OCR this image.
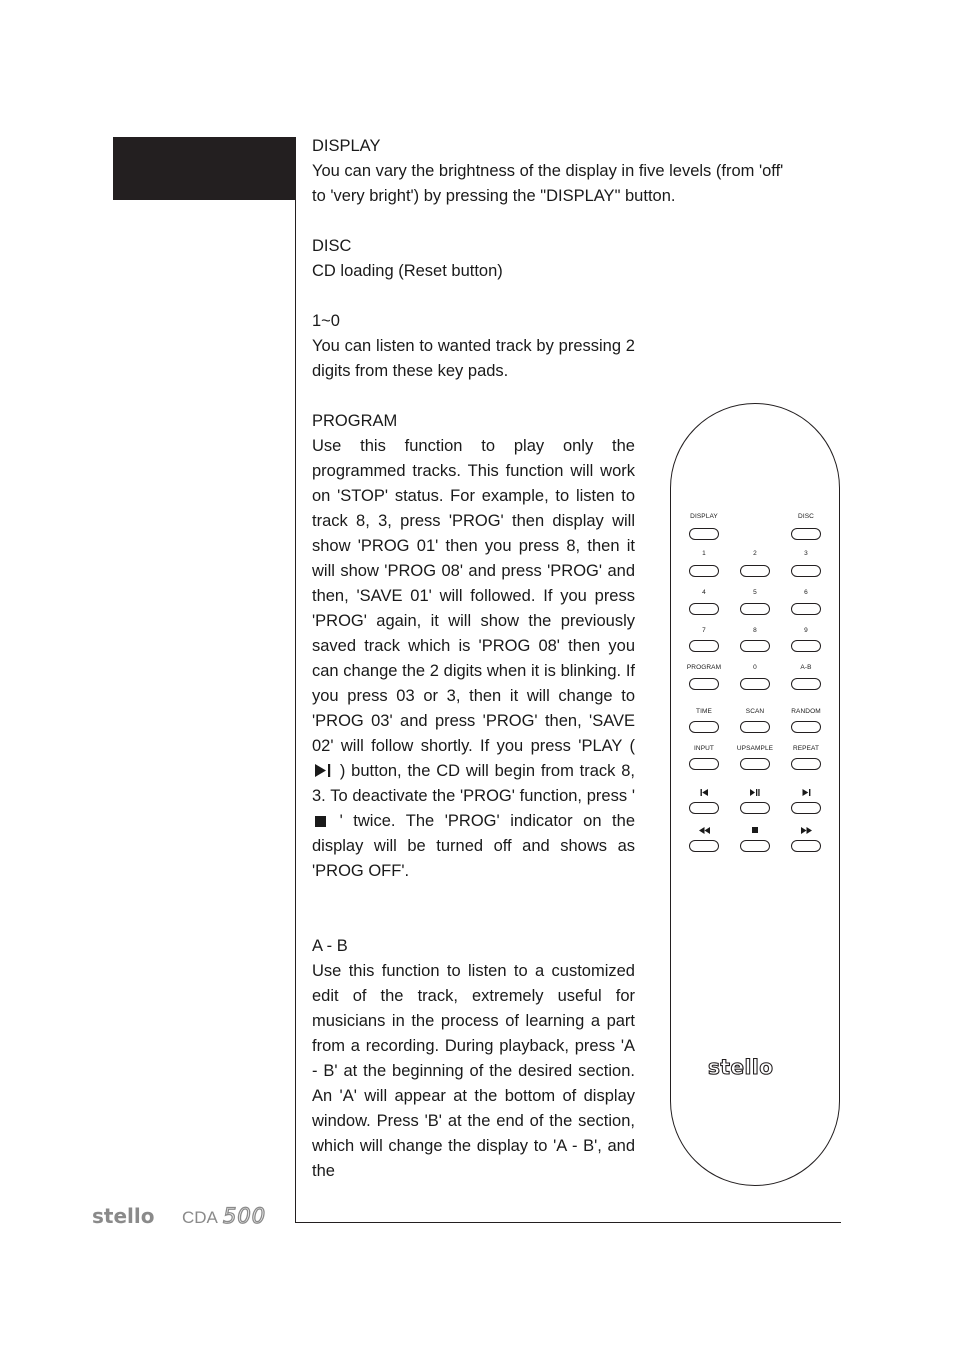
DISPLAY
You can vary the brightness of the display in five levels (from 'off'
to 'very bright') by pressing the "DISPLAY" button.
DISC
CD loading (Reset button)
1~0
You can listen to wanted track by pressing 2 digits from these key pads.
PROGRAM
Use this function to play only the programmed tracks. This function will work on 'STOP' status. For example, to listen to track 8, 3, press 'PROG' then display will show 'PROG 01' then you press 8, then it will show 'PROG 08' and press 'PROG' and then, 'SAVE 01' will followed. If you press 'PROG' again, it will show the previously saved track which is 'PROG 08' then you can change the 2 digits when it is blinking. If you press 03 or 3, then it will change to 'PROG 03' and press 'PROG' then, 'SAVE 02' will follow shortly. If you press 'PLAY (  ) button, the CD will begin from track 8, 3. To deactivate the 'PROG' function, press '  ' twice. The 'PROG' indicator on the display will be turned off and shows as 'PROG OFF'.
A - B
Use this function to listen to a customized edit of the track, extremely useful for musicians in the process of learning a part from a recording. During playback, press 'A - B' at the beginning of the desired section. An 'A' will appear at the bottom of display window. Press 'B' at the end of the section, which will change the display to 'A - B', and the
DISPLAY	DISC
1	2	3
4	5	6
7	8	9
PROGRAM	0	A-B
TIME	SCAN	RANDOM
INPUT	UPSAMPLE	REPEAT
stello
stello CDA 500
